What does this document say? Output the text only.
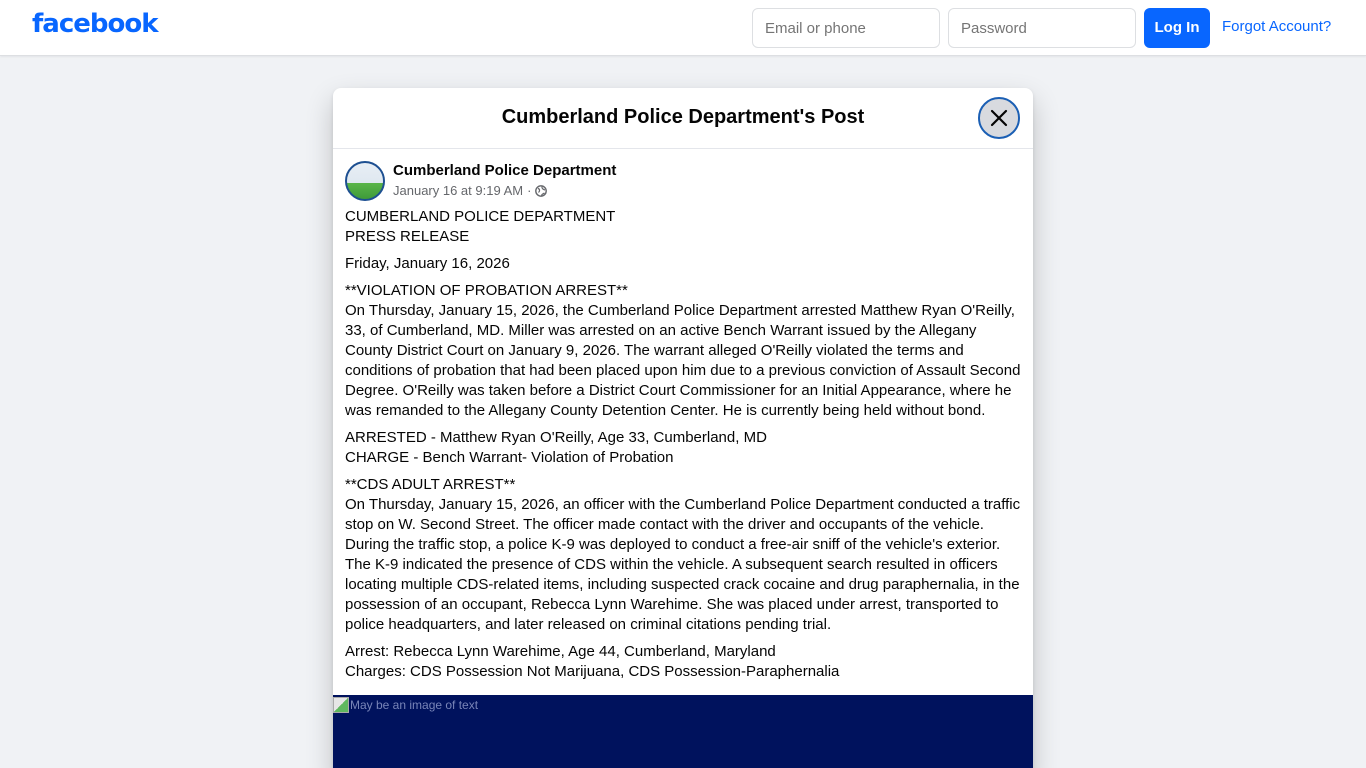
facebook
Email or phone	Log In	Forgot Account?
Cumberland Police Department's Post
Cumberland Police Department
January 16 at 9:19 AM ·

CUMBERLAND POLICE DEPARTMENT
PRESS RELEASE

Friday, January 16, 2026

**VIOLATION OF PROBATION ARREST**
On Thursday, January 15, 2026, the Cumberland Police Department arrested Matthew Ryan O'Reilly, 33, of Cumberland, MD. Miller was arrested on an active Bench Warrant issued by the Allegany County District Court on January 9, 2026. The warrant alleged O'Reilly violated the terms and conditions of probation that had been placed upon him due to a previous conviction of Assault Second Degree. O'Reilly was taken before a District Court Commissioner for an Initial Appearance, where he was remanded to the Allegany County Detention Center. He is currently being held without bond.

ARRESTED - Matthew Ryan O'Reilly, Age 33, Cumberland, MD
CHARGE - Bench Warrant- Violation of Probation

**CDS ADULT ARREST**
On Thursday, January 15, 2026, an officer with the Cumberland Police Department conducted a traffic stop on W. Second Street. The officer made contact with the driver and occupants of the vehicle. During the traffic stop, a police K-9 was deployed to conduct a free-air sniff of the vehicle's exterior. The K-9 indicated the presence of CDS within the vehicle. A subsequent search resulted in officers locating multiple CDS-related items, including suspected crack cocaine and drug paraphernalia, in the possession of an occupant, Rebecca Lynn Warehime. She was placed under arrest, transported to police headquarters, and later released on criminal citations pending trial.

Arrest: Rebecca Lynn Warehime, Age 44, Cumberland, Maryland
Charges: CDS Possession Not Marijuana, CDS Possession-Paraphernalia

May be an image of text
